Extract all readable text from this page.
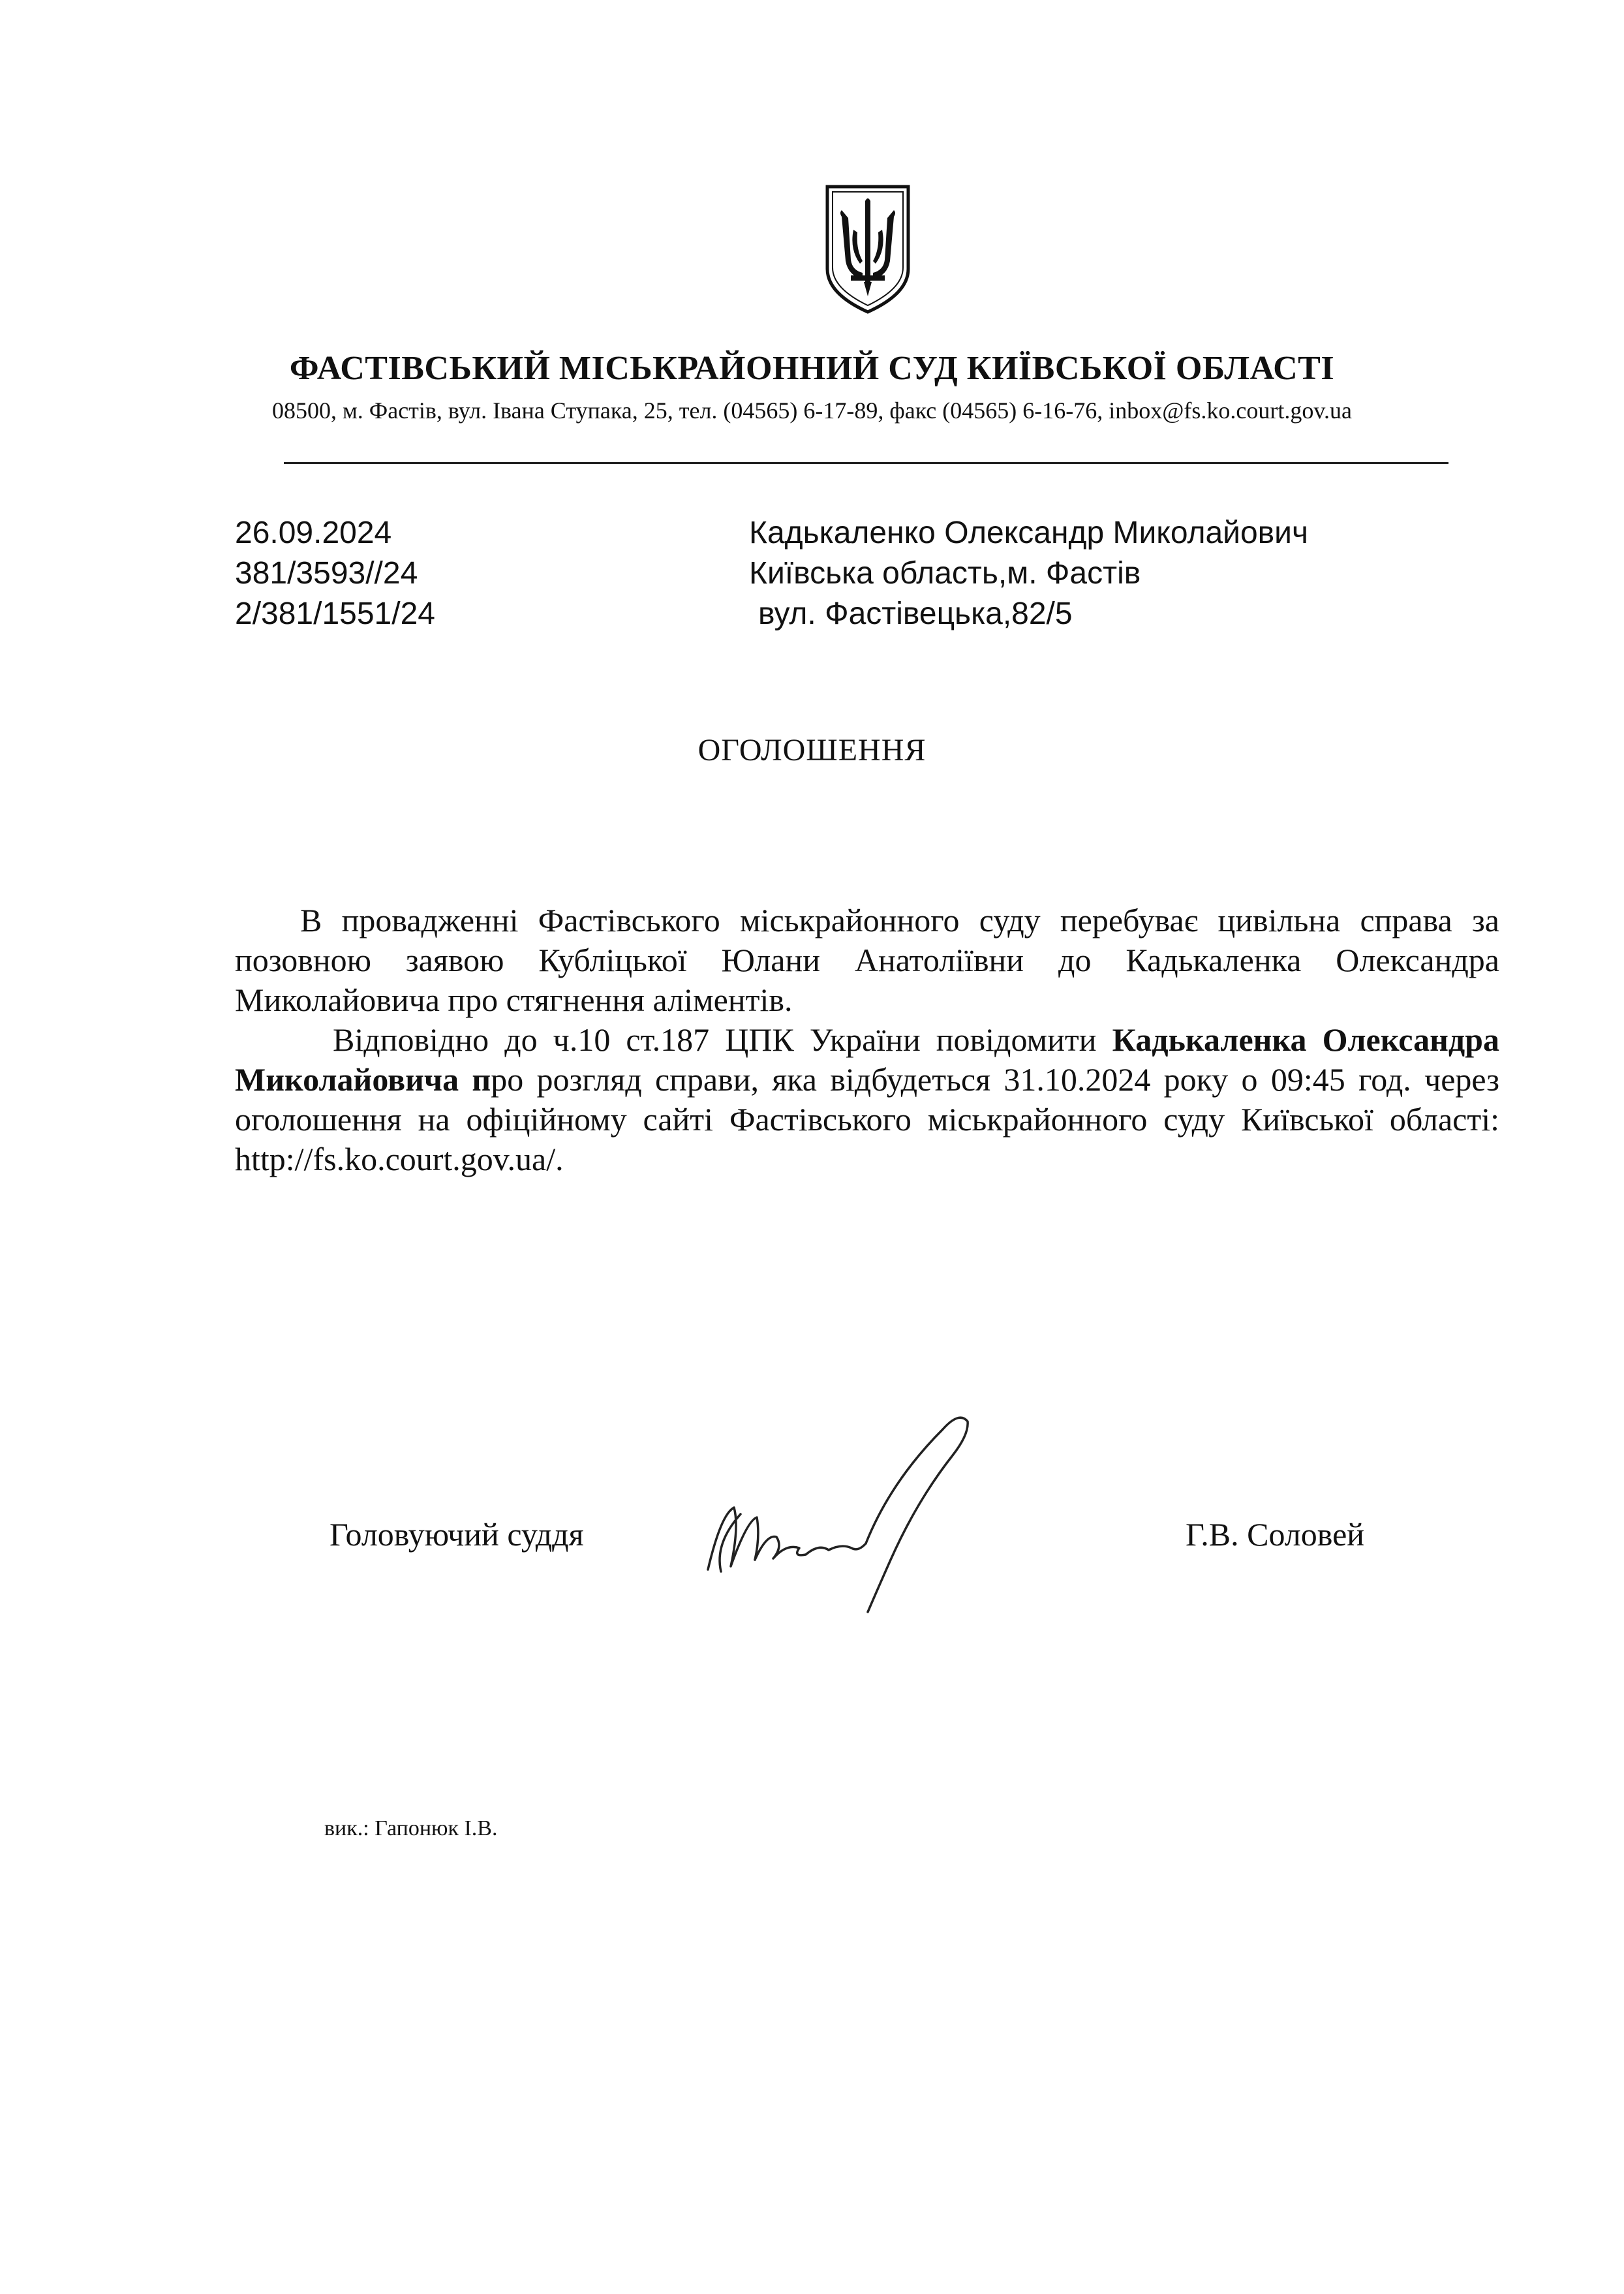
ФАСТІВСЬКИЙ МІСЬКРАЙОННИЙ СУД КИЇВСЬКОЇ ОБЛАСТІ
08500, м. Фастів, вул. Івана Ступака, 25, тел. (04565) 6-17-89, факс (04565) 6-16-76, inbox@fs.ko.court.gov.ua
26.09.2024
381/3593//24
2/381/1551/24
Кадькаленко Олександр Миколайович
Київська область,м. Фастів
вул. Фастівецька,82/5
ОГОЛОШЕННЯ

В провадженні Фастівського міськрайонного суду перебуває цивільна справа за позовною заявою Кубліцької Юлани Анатоліївни до Кадькаленка Олександра Миколайовича про стягнення аліментів.

Відповідно до ч.10 ст.187 ЦПК України повідомити Кадькаленка Олександра Миколайовича про розгляд справи, яка відбудеться 31.10.2024 року о 09:45 год. через оголошення на офіційному сайті Фастівського міськрайонного суду Київської області: http://fs.ko.court.gov.ua/.

Головуючий суддя	Г.В. Соловей
вик.: Гапонюк І.В.
